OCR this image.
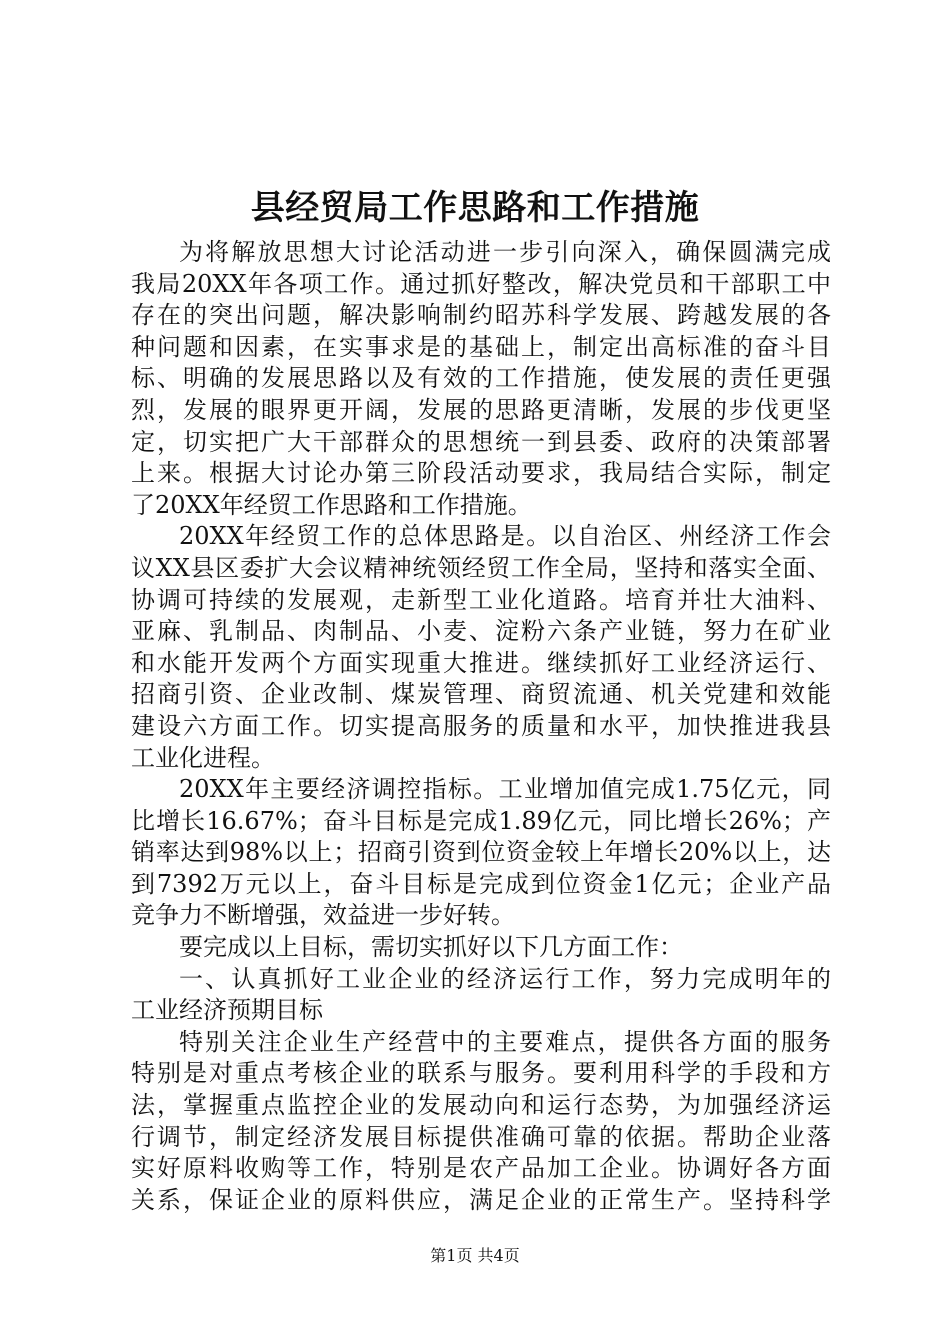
县经贸局工作思路和工作措施
为将解放思想大讨论活动进一步引向深入，确保圆满完成
我局20XX年各项工作。通过抓好整改，解决党员和干部职工中
存在的突出问题，解决影响制约昭苏科学发展、跨越发展的各
种问题和因素，在实事求是的基础上，制定出高标准的奋斗目
标、明确的发展思路以及有效的工作措施，使发展的责任更强
烈，发展的眼界更开阔，发展的思路更清晰，发展的步伐更坚
定，切实把广大干部群众的思想统一到县委、政府的决策部署
上来。根据大讨论办第三阶段活动要求，我局结合实际，制定
了20XX年经贸工作思路和工作措施。
20XX年经贸工作的总体思路是。以自治区、州经济工作会
议XX县区委扩大会议精神统领经贸工作全局，坚持和落实全面、
协调可持续的发展观，走新型工业化道路。培育并壮大油料、
亚麻、乳制品、肉制品、小麦、淀粉六条产业链，努力在矿业
和水能开发两个方面实现重大推进。继续抓好工业经济运行、
招商引资、企业改制、煤炭管理、商贸流通、机关党建和效能
建设六方面工作。切实提高服务的质量和水平，加快推进我县
工业化进程。
20XX年主要经济调控指标。工业增加值完成1.75亿元，同
比增长16.67%；奋斗目标是完成1.89亿元，同比增长26%；产
销率达到98%以上；招商引资到位资金较上年增长20%以上，达
到7392万元以上，奋斗目标是完成到位资金1亿元；企业产品
竞争力不断增强，效益进一步好转。
要完成以上目标，需切实抓好以下几方面工作：
一、认真抓好工业企业的经济运行工作，努力完成明年的
工业经济预期目标
特别关注企业生产经营中的主要难点，提供各方面的服务
特别是对重点考核企业的联系与服务。要利用科学的手段和方
法，掌握重点监控企业的发展动向和运行态势，为加强经济运
行调节，制定经济发展目标提供准确可靠的依据。帮助企业落
实好原料收购等工作，特别是农产品加工企业。协调好各方面
关系，保证企业的原料供应，满足企业的正常生产。坚持科学
第1页 共4页
